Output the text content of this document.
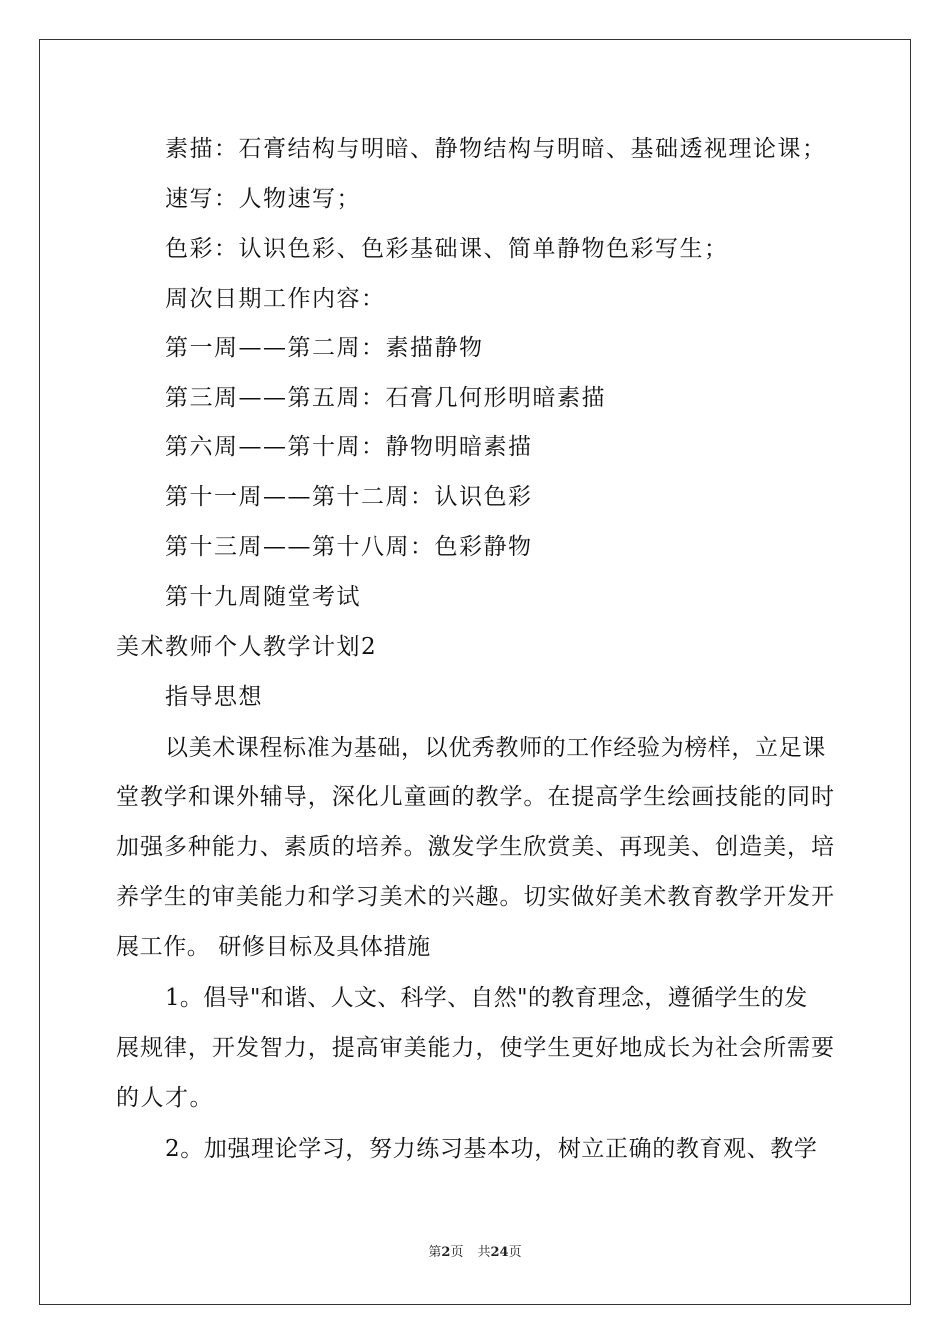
素描：石膏结构与明暗、静物结构与明暗、基础透视理论课；
速写：人物速写；
色彩：认识色彩、色彩基础课、简单静物色彩写生；
周次日期工作内容：
第一周——第二周：素描静物
第三周——第五周：石膏几何形明暗素描
第六周——第十周：静物明暗素描
第十一周——第十二周：认识色彩
第十三周——第十八周：色彩静物
第十九周随堂考试
美术教师个人教学计划2
指导思想
以美术课程标准为基础，以优秀教师的工作经验为榜样，立足课
堂教学和课外辅导，深化儿童画的教学。在提高学生绘画技能的同时
加强多种能力、素质的培养。激发学生欣赏美、再现美、创造美，培
养学生的审美能力和学习美术的兴趣。切实做好美术教育教学开发开
展工作。 研修目标及具体措施
1。倡导"和谐、人文、科学、自然"的教育理念，遵循学生的发
展规律，开发智力，提高审美能力，使学生更好地成长为社会所需要
的人才。
2。加强理论学习，努力练习基本功，树立正确的教育观、教学
第2页 共24页
